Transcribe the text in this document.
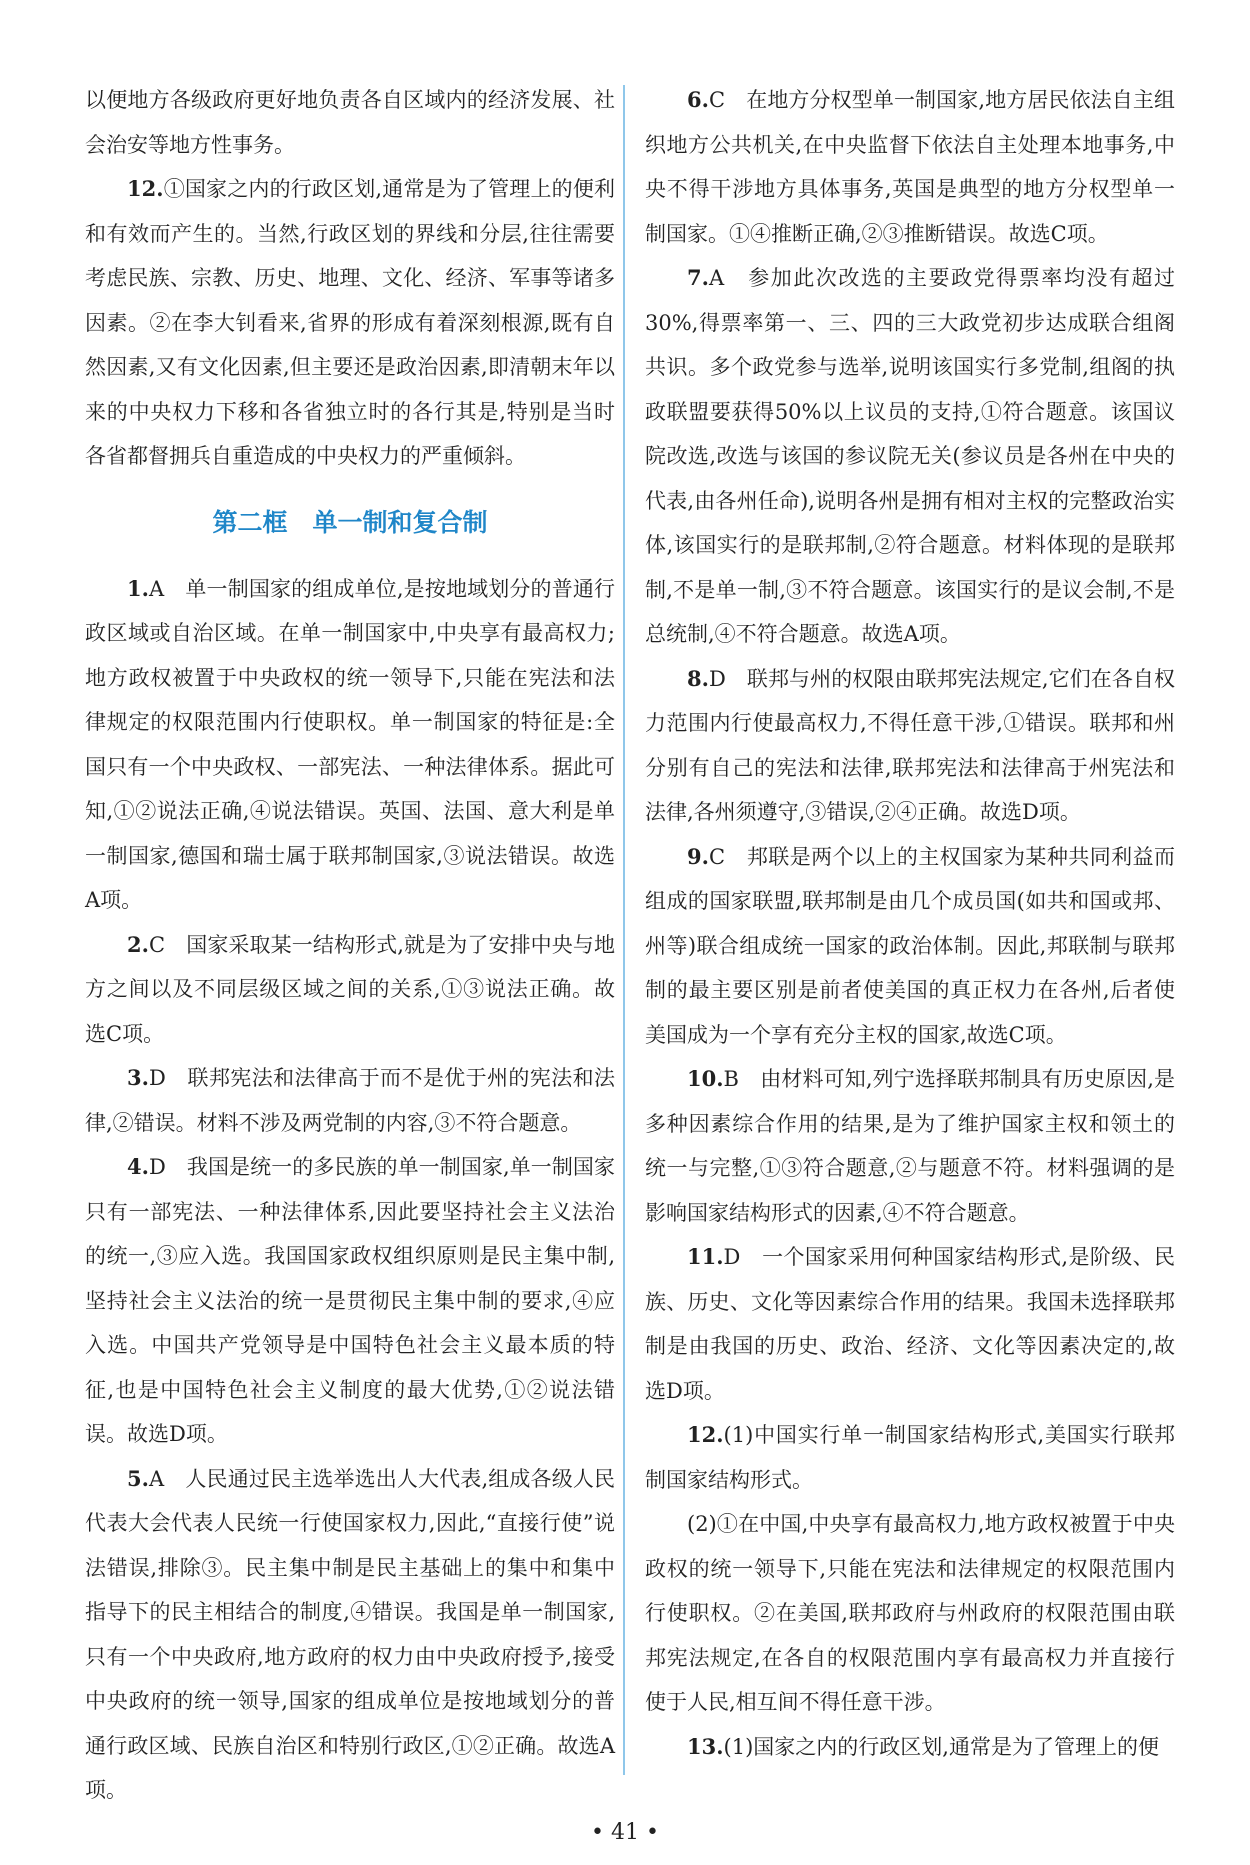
以便地方各级政府更好地负责各自区域内的经济发展、社会治安等地方性事务。

12.①国家之内的行政区划,通常是为了管理上的便利和有效而产生的。当然,行政区划的界线和分层,往往需要考虑民族、宗教、历史、地理、文化、经济、军事等诸多因素。②在李大钊看来,省界的形成有着深刻根源,既有自然因素,又有文化因素,但主要还是政治因素,即清朝末年以来的中央权力下移和各省独立时的各行其是,特别是当时各省都督拥兵自重造成的中央权力的严重倾斜。

第二框　单一制和复合制

1.A　单一制国家的组成单位,是按地域划分的普通行政区域或自治区域。在单一制国家中,中央享有最高权力;地方政权被置于中央政权的统一领导下,只能在宪法和法律规定的权限范围内行使职权。单一制国家的特征是:全国只有一个中央政权、一部宪法、一种法律体系。据此可知,①②说法正确,④说法错误。英国、法国、意大利是单一制国家,德国和瑞士属于联邦制国家,③说法错误。故选A项。

2.C　国家采取某一结构形式,就是为了安排中央与地方之间以及不同层级区域之间的关系,①③说法正确。故选C项。

3.D　联邦宪法和法律高于而不是优于州的宪法和法律,②错误。材料不涉及两党制的内容,③不符合题意。

4.D　我国是统一的多民族的单一制国家,单一制国家只有一部宪法、一种法律体系,因此要坚持社会主义法治的统一,③应入选。我国国家政权组织原则是民主集中制,坚持社会主义法治的统一是贯彻民主集中制的要求,④应入选。中国共产党领导是中国特色社会主义最本质的特征,也是中国特色社会主义制度的最大优势,①②说法错误。故选D项。

5.A　人民通过民主选举选出人大代表,组成各级人民代表大会代表人民统一行使国家权力,因此,“直接行使”说法错误,排除③。民主集中制是民主基础上的集中和集中指导下的民主相结合的制度,④错误。我国是单一制国家,只有一个中央政府,地方政府的权力由中央政府授予,接受中央政府的统一领导,国家的组成单位是按地域划分的普通行政区域、民族自治区和特别行政区,①②正确。故选A项。

6.C　在地方分权型单一制国家,地方居民依法自主组织地方公共机关,在中央监督下依法自主处理本地事务,中央不得干涉地方具体事务,英国是典型的地方分权型单一制国家。①④推断正确,②③推断错误。故选C项。

7.A　参加此次改选的主要政党得票率均没有超过30%,得票率第一、三、四的三大政党初步达成联合组阁共识。多个政党参与选举,说明该国实行多党制,组阁的执政联盟要获得50%以上议员的支持,①符合题意。该国议院改选,改选与该国的参议院无关(参议员是各州在中央的代表,由各州任命),说明各州是拥有相对主权的完整政治实体,该国实行的是联邦制,②符合题意。材料体现的是联邦制,不是单一制,③不符合题意。该国实行的是议会制,不是总统制,④不符合题意。故选A项。

8.D　联邦与州的权限由联邦宪法规定,它们在各自权力范围内行使最高权力,不得任意干涉,①错误。联邦和州分别有自己的宪法和法律,联邦宪法和法律高于州宪法和法律,各州须遵守,③错误,②④正确。故选D项。

9.C　邦联是两个以上的主权国家为某种共同利益而组成的国家联盟,联邦制是由几个成员国(如共和国或邦、州等)联合组成统一国家的政治体制。因此,邦联制与联邦制的最主要区别是前者使美国的真正权力在各州,后者使美国成为一个享有充分主权的国家,故选C项。

10.B　由材料可知,列宁选择联邦制具有历史原因,是多种因素综合作用的结果,是为了维护国家主权和领土的统一与完整,①③符合题意,②与题意不符。材料强调的是影响国家结构形式的因素,④不符合题意。

11.D　一个国家采用何种国家结构形式,是阶级、民族、历史、文化等因素综合作用的结果。我国未选择联邦制是由我国的历史、政治、经济、文化等因素决定的,故选D项。

12.(1)中国实行单一制国家结构形式,美国实行联邦制国家结构形式。

(2)①在中国,中央享有最高权力,地方政权被置于中央政权的统一领导下,只能在宪法和法律规定的权限范围内行使职权。②在美国,联邦政府与州政府的权限范围由联邦宪法规定,在各自的权限范围内享有最高权力并直接行使于人民,相互间不得任意干涉。

13.(1)国家之内的行政区划,通常是为了管理上的便

• 41 •
